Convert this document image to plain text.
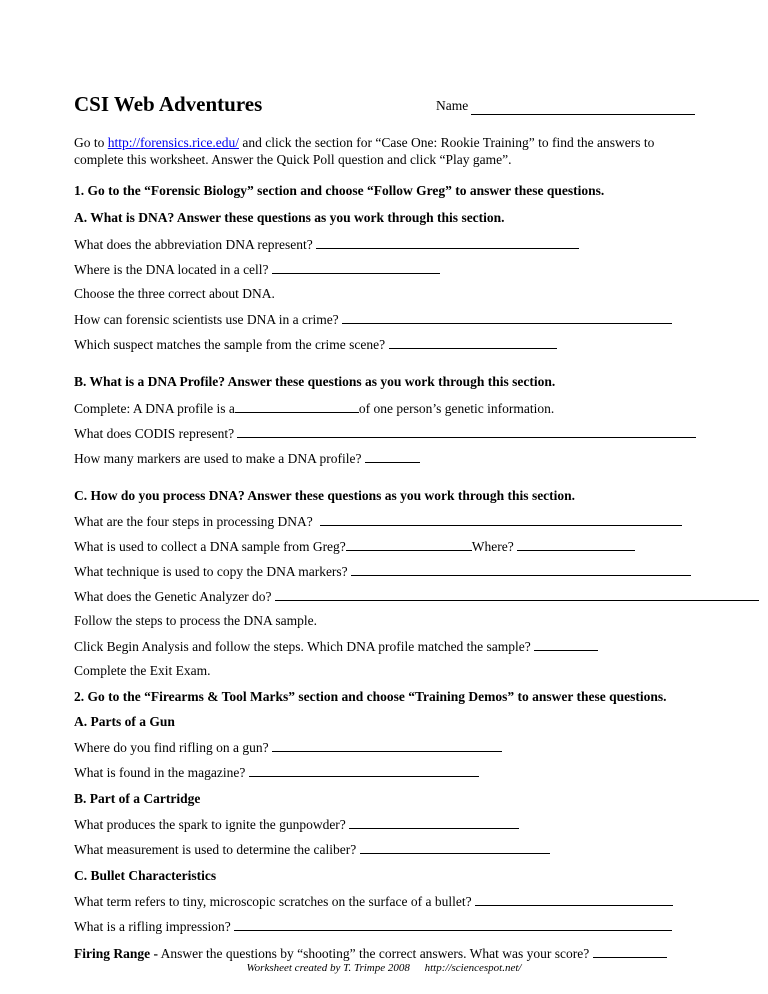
CSI Web Adventures	Name
Go to http://forensics.rice.edu/ and click the section for “Case One: Rookie Training” to find the answers to complete this worksheet. Answer the Quick Poll question and click “Play game”.
1. Go to the “Forensic Biology” section and choose “Follow Greg” to answer these questions.
A. What is DNA? Answer these questions as you work through this section.
What does the abbreviation DNA represent?
Where is the DNA located in a cell?
Choose the three correct about DNA.
How can forensic scientists use DNA in a crime?
Which suspect matches the sample from the crime scene?
B. What is a DNA Profile? Answer these questions as you work through this section.
Complete: A DNA profile is a	of one person’s genetic information.
What does CODIS represent?
How many markers are used to make a DNA profile?
C. How do you process DNA? Answer these questions as you work through this section.
What are the four steps in processing DNA?
What is used to collect a DNA sample from Greg?	Where?
What technique is used to copy the DNA markers?
What does the Genetic Analyzer do?
Follow the steps to process the DNA sample.
Click Begin Analysis and follow the steps. Which DNA profile matched the sample?
Complete the Exit Exam.
2. Go to the “Firearms & Tool Marks” section and choose “Training Demos” to answer these questions.
A. Parts of a Gun
Where do you find rifling on a gun?
What is found in the magazine?
B. Part of a Cartridge
What produces the spark to ignite the gunpowder?
What measurement is used to determine the caliber?
C. Bullet Characteristics
What term refers to tiny, microscopic scratches on the surface of a bullet?
What is a rifling impression?
Firing Range - Answer the questions by “shooting” the correct answers. What was your score?
Worksheet created by T. Trimpe 2008 http://sciencespot.net/
